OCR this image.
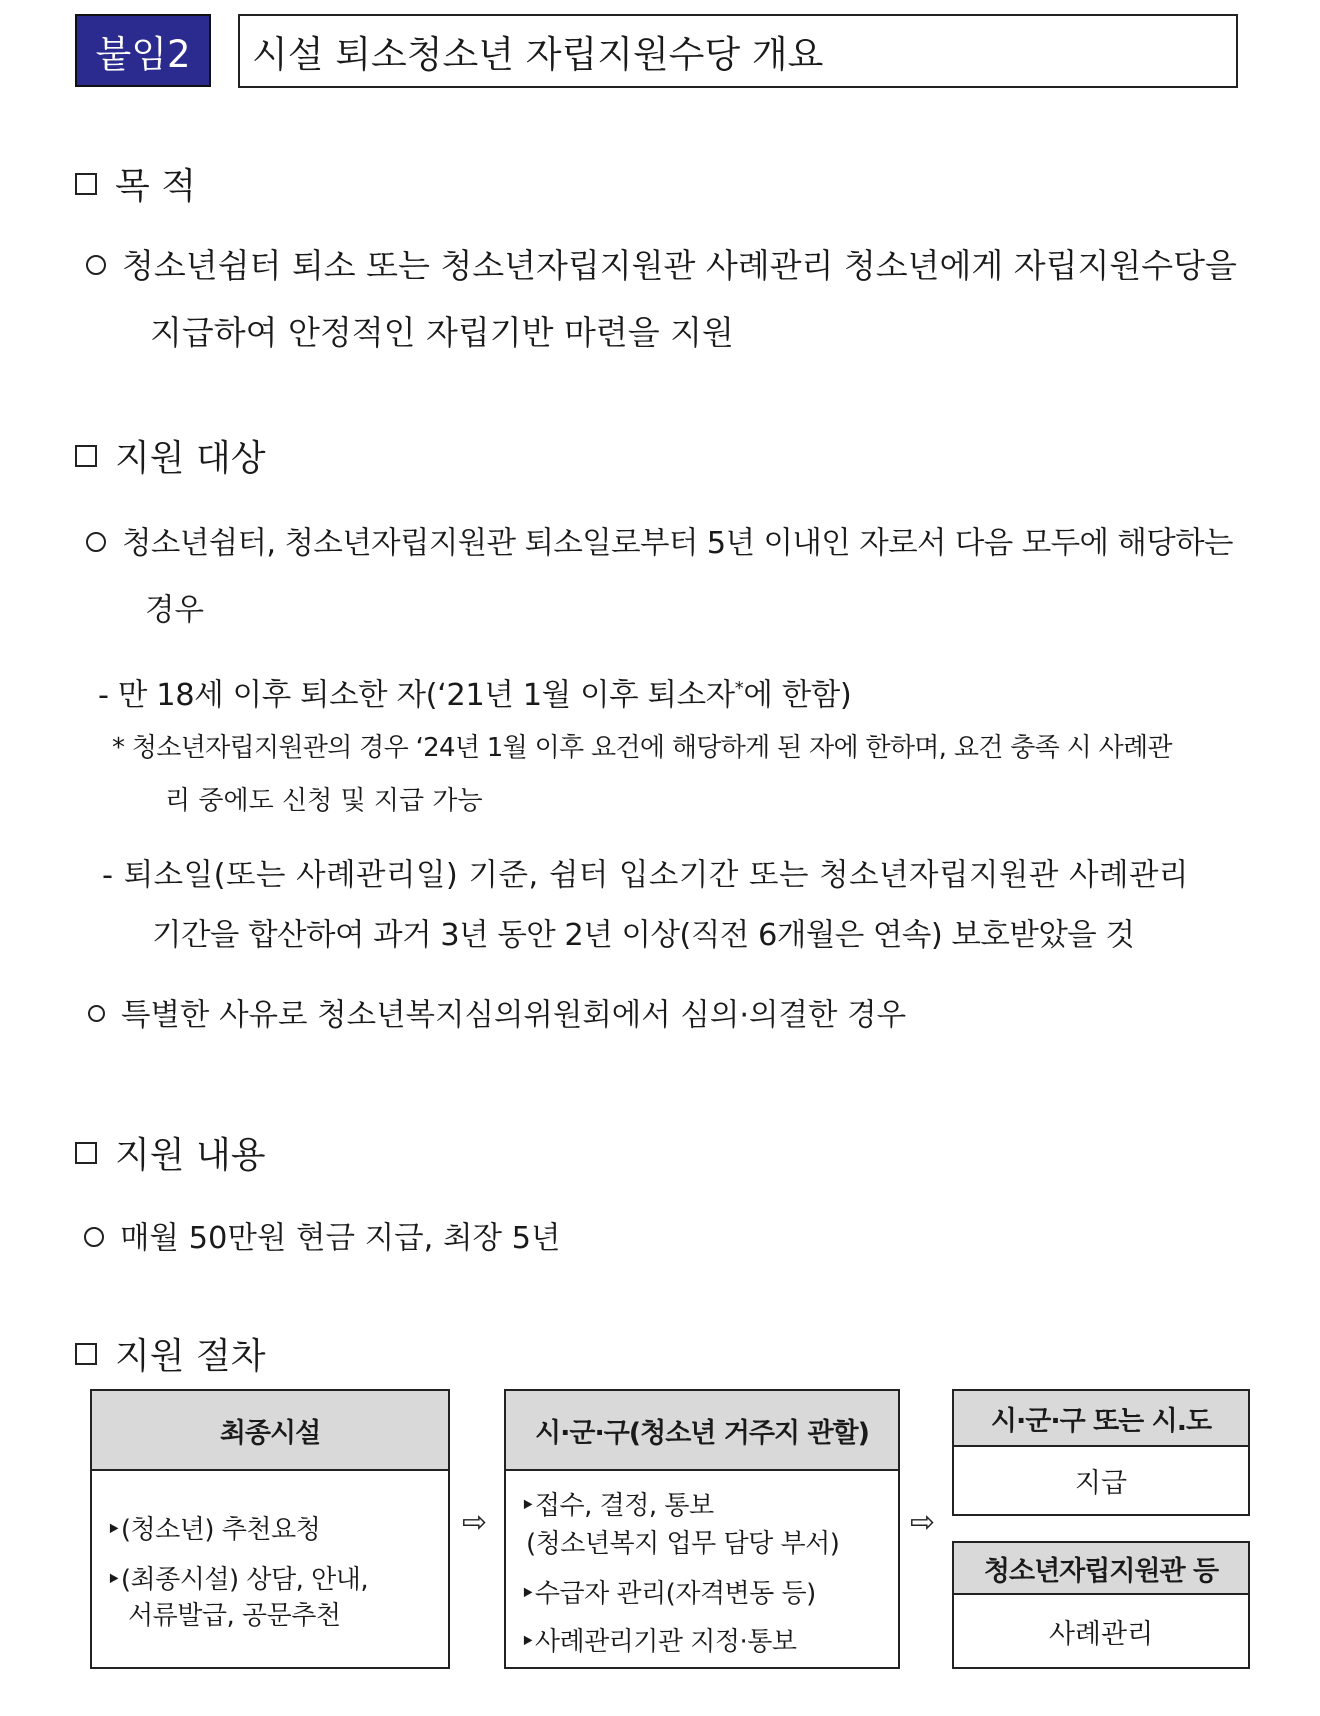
붙임2	시설 퇴소청소년 자립지원수당 개요
목 적
청소년쉼터 퇴소 또는 청소년자립지원관 사례관리 청소년에게 자립지원수당을
지급하여 안정적인 자립기반 마련을 지원
지원 대상
청소년쉼터, 청소년자립지원관 퇴소일로부터 5년 이내인 자로서 다음 모두에 해당하는
경우
- 만 18세 이후 퇴소한 자(‘21년 1월 이후 퇴소자*에 한함)
* 청소년자립지원관의 경우 ‘24년 1월 이후 요건에 해당하게 된 자에 한하며, 요건 충족 시 사례관
리 중에도 신청 및 지급 가능
- 퇴소일(또는 사례관리일) 기준, 쉼터 입소기간 또는 청소년자립지원관 사례관리
기간을 합산하여 과거 3년 동안 2년 이상(직전 6개월은 연속) 보호받았을 것
특별한 사유로 청소년복지심의위원회에서 심의·의결한 경우
지원 내용
매월 50만원 현금 지급, 최장 5년
지원 절차
최종시설
‣(청소년) 추천요청
‣(최종시설) 상담, 안내,
서류발급, 공문추천
⇨
시·군·구(청소년 거주지 관할)
‣접수, 결정, 통보
(청소년복지 업무 담당 부서)
‣수급자 관리(자격변동 등)
‣사례관리기관 지정·통보
⇨
시·군·구 또는 시.도
지급
청소년자립지원관 등
사례관리
